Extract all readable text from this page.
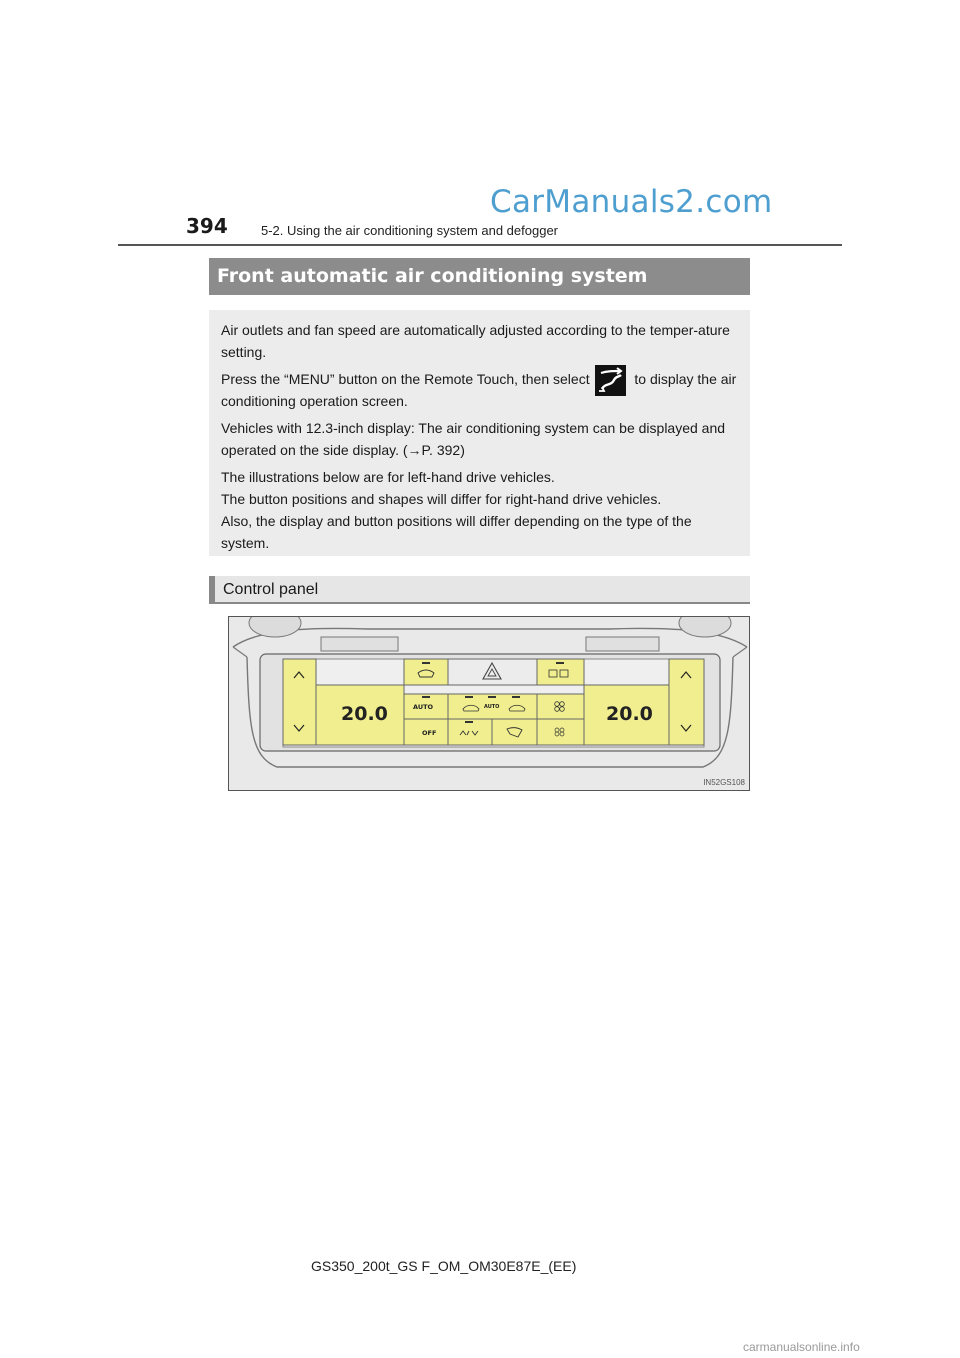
CarManuals2.com
394	5-2. Using the air conditioning system and defogger
Front automatic air conditioning system

Air outlets and fan speed are automatically adjusted according to the temper-ature setting.

Press the “MENU” button on the Remote Touch, then select	to display the air conditioning operation screen.

Vehicles with 12.3-inch display: The air conditioning system can be displayed and operated on the side display. (→P. 392)

The illustrations below are for left-hand drive vehicles.
The button positions and shapes will differ for right-hand drive vehicles.
Also, the display and button positions will differ depending on the type of the system.

Control panel
20.0	20.0
AUTO	AUTO
OFF
IN52GS108
GS350_200t_GS F_OM_OM30E87E_(EE)
carmanualsonline.info
